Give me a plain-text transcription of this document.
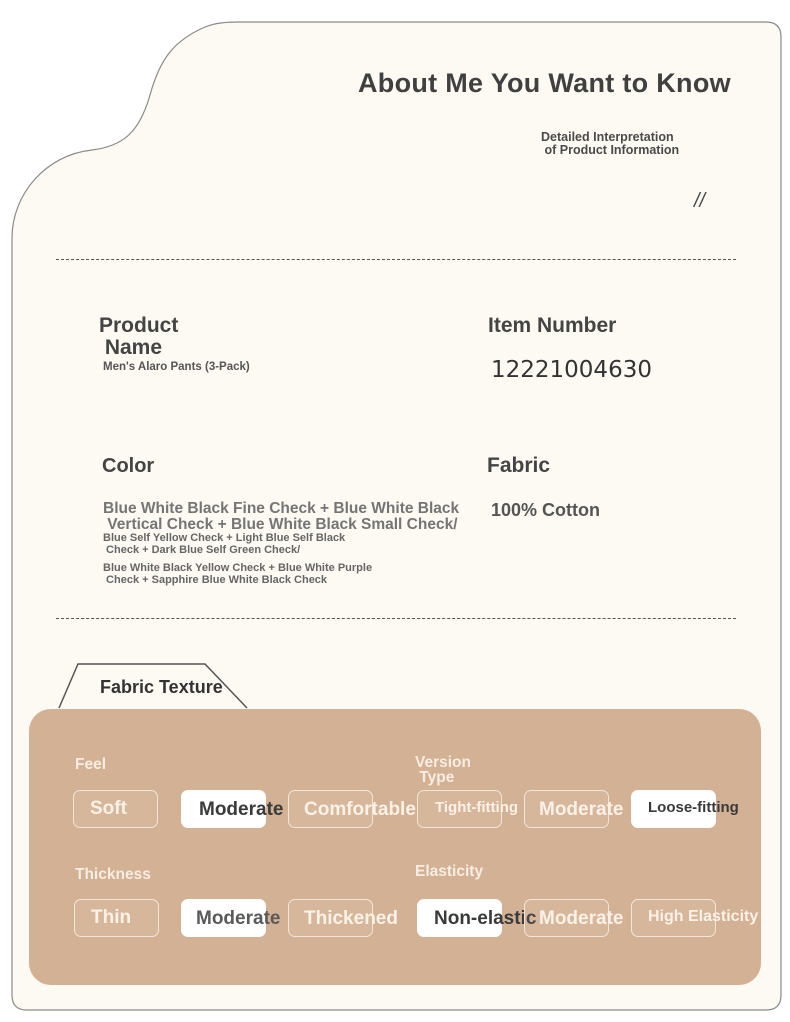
About Me You Want to Know
Detailed Interpretation
of Product Information
//
Product
Name
Men's Alaro Pants (3-Pack)
Item Number
12221004630
Color
Blue White Black Fine Check + Blue White Black
Vertical Check + Blue White Black Small Check/
Blue Self Yellow Check + Light Blue Self Black
Check + Dark Blue Self Green Check/
Blue White Black Yellow Check + Blue White Purple
Check + Sapphire Blue White Black Check
Fabric
100% Cotton
Fabric Texture
Feel
Soft	Moderate Comfortable
Version
Type
Tight-fitting Moderate Loose-fitting
Thickness
Thin	Moderate Thickened
Elasticity
Non-elastic Moderate High Elasticity
